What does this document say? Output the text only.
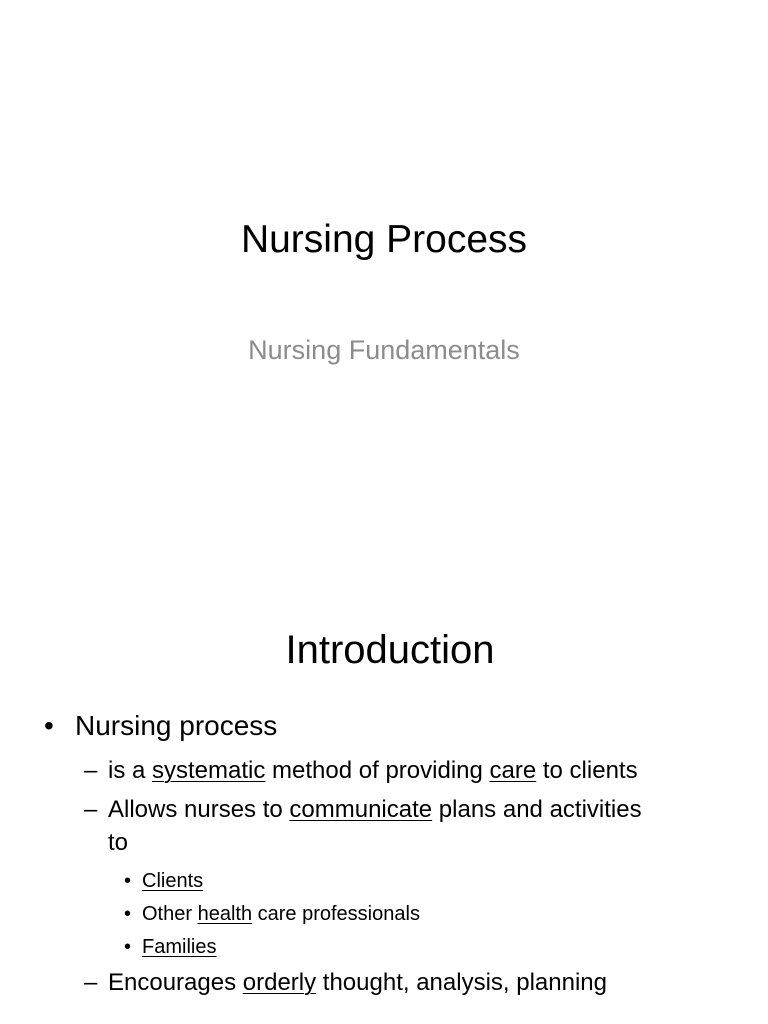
Nursing Process
Nursing Fundamentals
Introduction
• Nursing process
– is a systematic method of providing care to clients
– Allows nurses to communicate plans and activities
to
• Clients
• Other health care professionals
• Families
– Encourages orderly thought, analysis, planning
